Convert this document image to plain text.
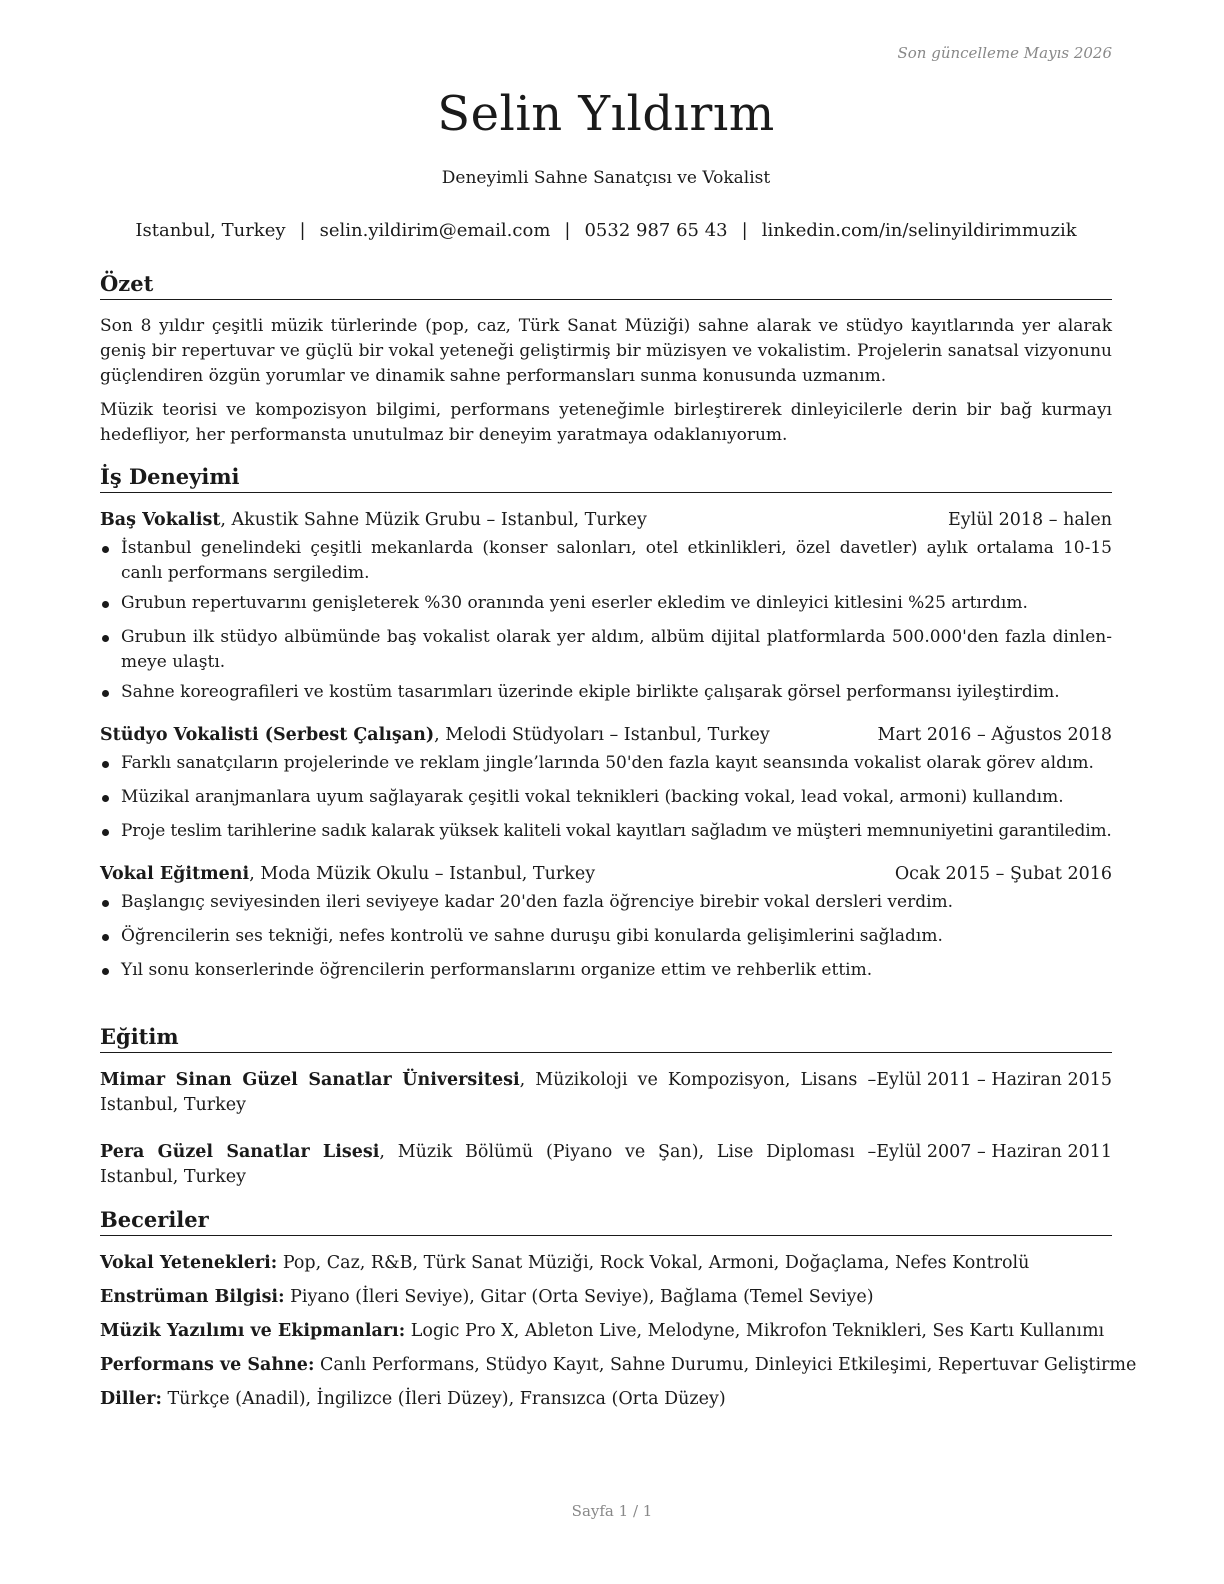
Son güncelleme Mayıs 2026
Selin Yıldırım
Deneyimli Sahne Sanatçısı ve Vokalist
Istanbul, Turkey | selin.yildirim@email.com | 0532 987 65 43 | linkedin.com/in/selinyildirimmuzik
Özet

Son 8 yıldır çeşitli müzik türlerinde (pop, caz, Türk Sanat Müziği) sahne alarak ve stüdyo kayıtlarında yer alarak geniş bir repertuvar ve güçlü bir vokal yeteneği geliştirmiş bir müzisyen ve vokalistim. Projelerin sanatsal vizyonunu güçlendiren özgün yorumlar ve dinamik sahne performansları sunma konusunda uzmanım.

Müzik teorisi ve kompozisyon bilgimi, performans yeteneğimle birleştirerek dinleyicilerle derin bir bağ kurmayı hedefliyor, her performansta unutulmaz bir deneyim yaratmaya odaklanıyorum.

İş Deneyimi
Baş Vokalist, Akustik Sahne Müzik Grubu – Istanbul, Turkey	Eylül 2018 – halen
İstanbul genelindeki çeşitli mekanlarda (konser salonları, otel etkinlikleri, özel davetler) aylık ortalama 10-15 canlı performans sergiledim.
Grubun repertuvarını genişleterek %30 oranında yeni eserler ekledim ve dinleyici kitlesini %25 artırdım.
Grubun ilk stüdyo albümünde baş vokalist olarak yer aldım, albüm dijital platformlarda 500.000'den fazla dinlenmeye ulaştı.
Sahne koreografileri ve kostüm tasarımları üzerinde ekiple birlikte çalışarak görsel performansı iyileştirdim.
Stüdyo Vokalisti (Serbest Çalışan), Melodi Stüdyoları – Istanbul, Turkey	Mart 2016 – Ağustos 2018
Farklı sanatçıların projelerinde ve reklam jingle’larında 50'den fazla kayıt seansında vokalist olarak görev aldım.
Müzikal aranjmanlara uyum sağlayarak çeşitli vokal teknikleri (backing vokal, lead vokal, armoni) kullandım.
Proje teslim tarihlerine sadık kalarak yüksek kaliteli vokal kayıtları sağladım ve müşteri memnuniyetini garantiledim.
Vokal Eğitmeni, Moda Müzik Okulu – Istanbul, Turkey	Ocak 2015 – Şubat 2016
Başlangıç seviyesinden ileri seviyeye kadar 20'den fazla öğrenciye birebir vokal dersleri verdim.
Öğrencilerin ses tekniği, nefes kontrolü ve sahne duruşu gibi konularda gelişimlerini sağladım.
Yıl sonu konserlerinde öğrencilerin performanslarını organize ettim ve rehberlik ettim.
Eğitim
Mimar Sinan Güzel Sanatlar Üniversitesi, Müzikoloji ve Kompozisyon, Lisans – Istanbul, Turkey
Eylül 2011 – Haziran 2015
Pera Güzel Sanatlar Lisesi, Müzik Bölümü (Piyano ve Şan), Lise Diploması – Istanbul, Turkey
Eylül 2007 – Haziran 2011
Beceriler
Vokal Yetenekleri: Pop, Caz, R&B, Türk Sanat Müziği, Rock Vokal, Armoni, Doğaçlama, Nefes Kontrolü
Enstrüman Bilgisi: Piyano (İleri Seviye), Gitar (Orta Seviye), Bağlama (Temel Seviye)
Müzik Yazılımı ve Ekipmanları: Logic Pro X, Ableton Live, Melodyne, Mikrofon Teknikleri, Ses Kartı Kullanımı
Performans ve Sahne: Canlı Performans, Stüdyo Kayıt, Sahne Durumu, Dinleyici Etkileşimi, Repertuvar Geliştirme
Diller: Türkçe (Anadil), İngilizce (İleri Düzey), Fransızca (Orta Düzey)
Sayfa 1 / 1
